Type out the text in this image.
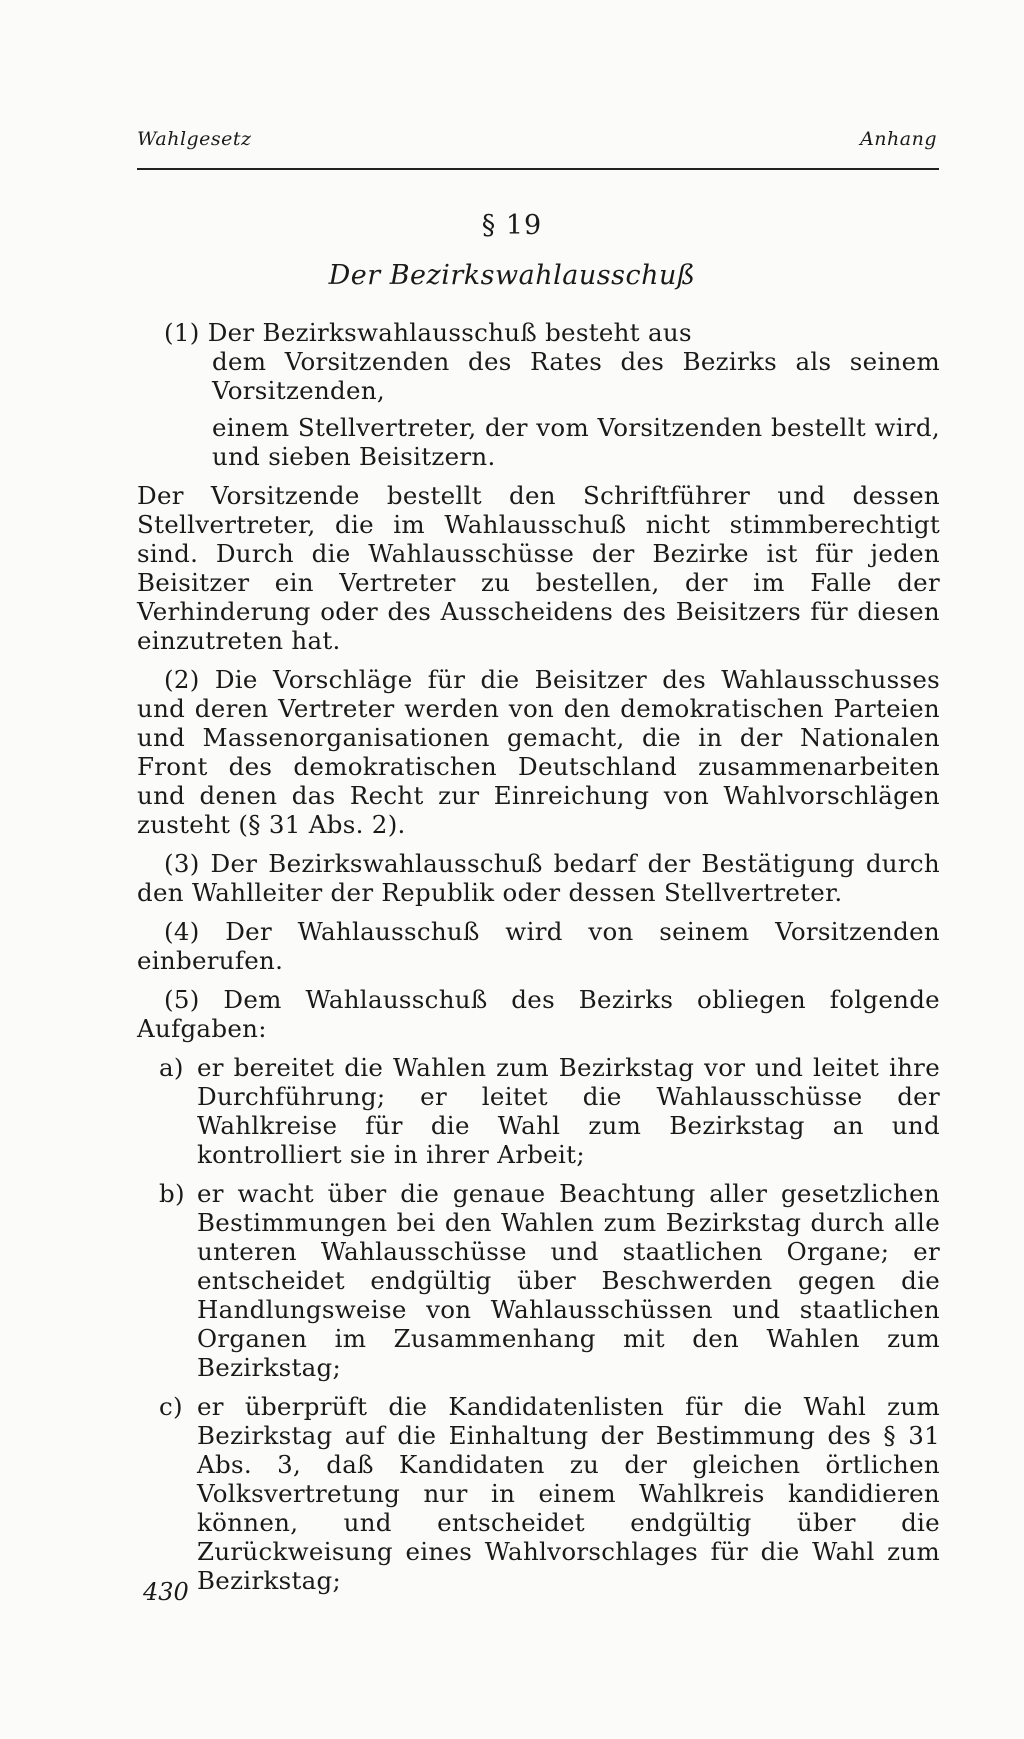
Wahlgesetz	Anhang
§ 19
Der Bezirkswahlausschuß

(1) Der Bezirkswahlausschuß besteht aus

dem Vorsitzenden des Rates des Bezirks als seinem Vorsitzenden,

einem Stellvertreter, der vom Vorsitzenden bestellt wird, und sieben Beisitzern.

Der Vorsitzende bestellt den Schriftführer und dessen Stellvertreter, die im Wahlausschuß nicht stimmberechtigt sind. Durch die Wahlausschüsse der Bezirke ist für jeden Beisitzer ein Vertreter zu bestellen, der im Falle der Verhinderung oder des Ausscheidens des Beisitzers für diesen einzutreten hat.

(2) Die Vorschläge für die Beisitzer des Wahlausschusses und deren Vertreter werden von den demokratischen Parteien und Massenorganisationen gemacht, die in der Nationalen Front des demokratischen Deutschland zusammenarbeiten und denen das Recht zur Einreichung von Wahlvorschlägen zusteht (§ 31 Abs. 2).

(3) Der Bezirkswahlausschuß bedarf der Bestätigung durch den Wahlleiter der Republik oder dessen Stellvertreter.

(4) Der Wahlausschuß wird von seinem Vorsitzenden einberufen.

(5) Dem Wahlausschuß des Bezirks obliegen folgende Aufgaben:

a) er bereitet die Wahlen zum Bezirkstag vor und leitet ihre Durchführung; er leitet die Wahlausschüsse der Wahlkreise für die Wahl zum Bezirkstag an und kontrolliert sie in ihrer Arbeit;

b) er wacht über die genaue Beachtung aller gesetzlichen Bestimmungen bei den Wahlen zum Bezirkstag durch alle unteren Wahlausschüsse und staatlichen Organe; er entscheidet endgültig über Beschwerden gegen die Handlungsweise von Wahlausschüssen und staatlichen Organen im Zusammenhang mit den Wahlen zum Bezirkstag;

c) er überprüft die Kandidatenlisten für die Wahl zum Bezirkstag auf die Einhaltung der Bestimmung des § 31 Abs. 3, daß Kandidaten zu der gleichen örtlichen Volksvertretung nur in einem Wahlkreis kandidieren können, und entscheidet endgültig über die Zurückweisung eines Wahlvorschlages für die Wahl zum Bezirkstag;

430
